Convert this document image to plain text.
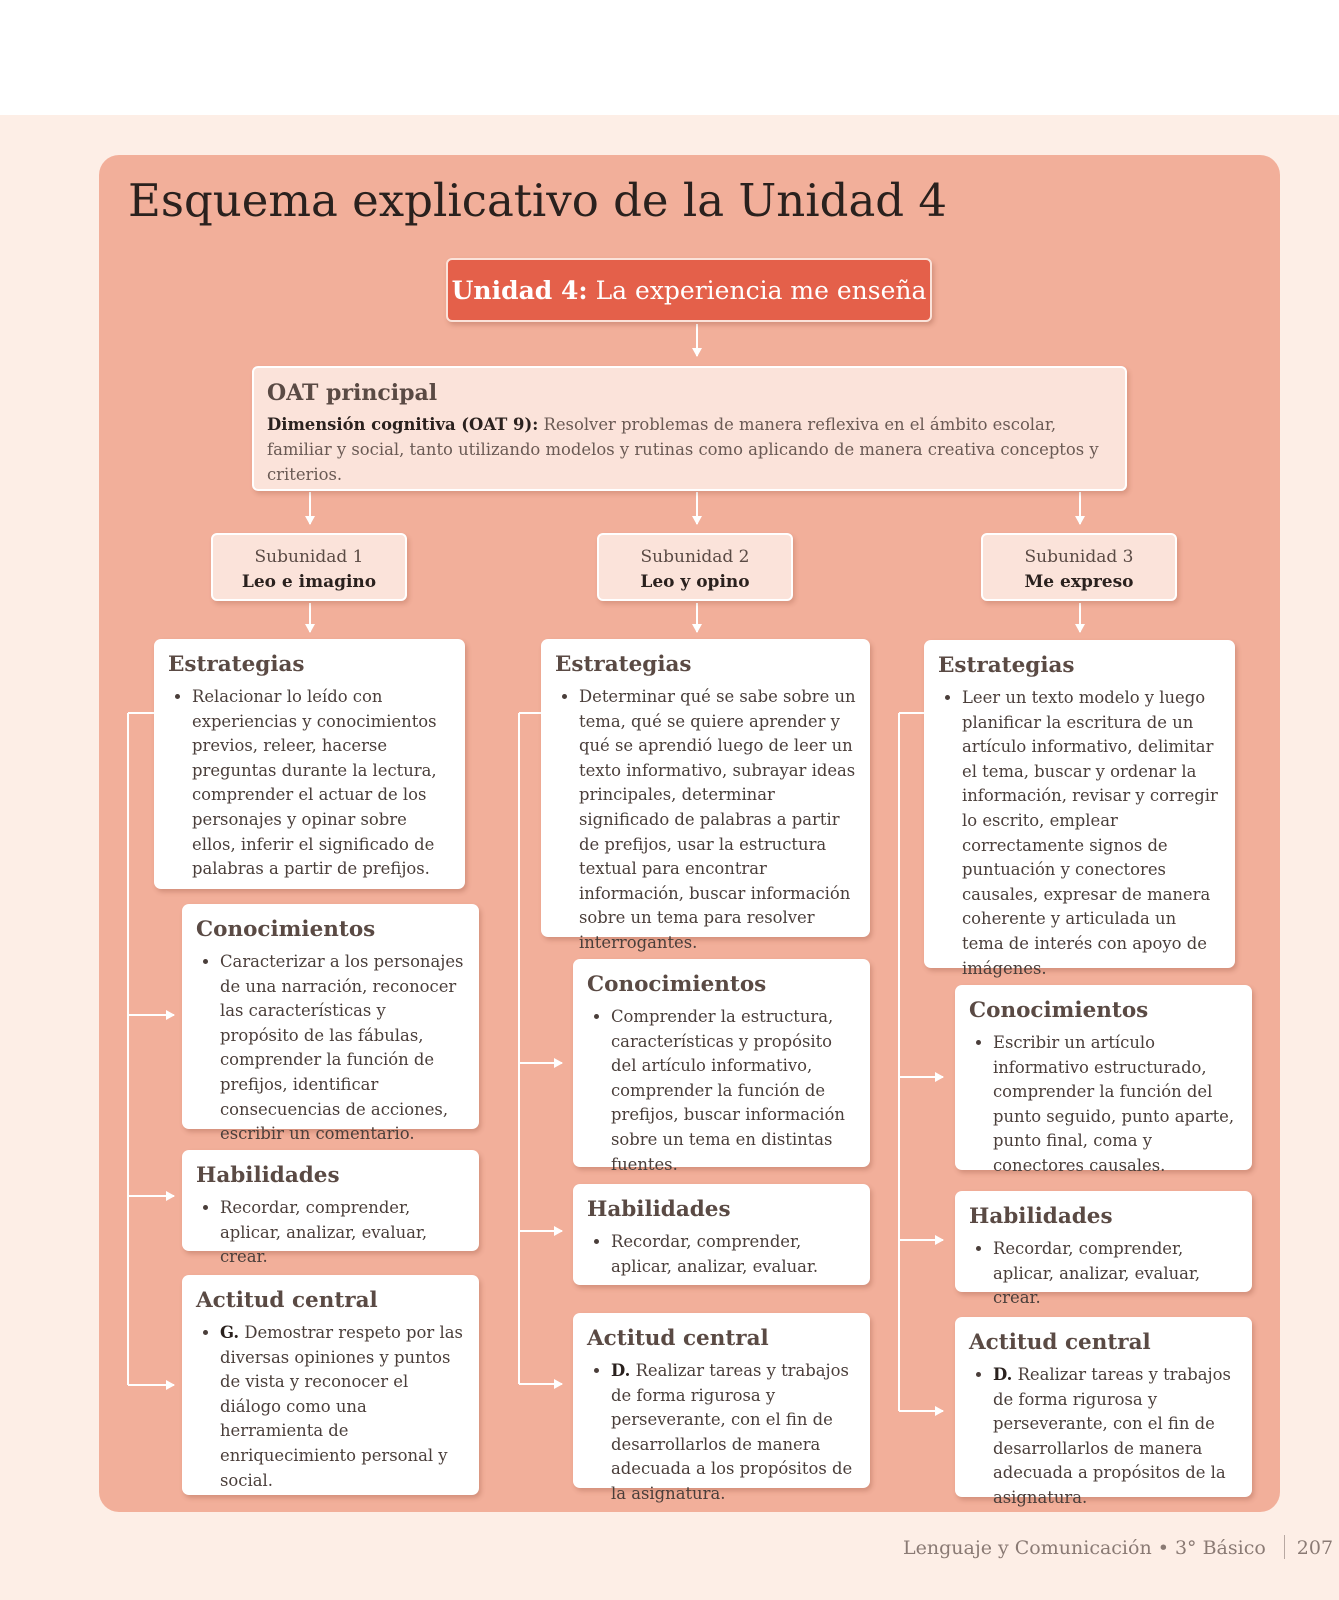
Esquema explicativo de la Unidad 4
Unidad 4: La experiencia me enseña
OAT principal

Dimensión cognitiva (OAT 9): Resolver problemas de manera reflexiva en el ámbito escolar, familiar y social, tanto utilizando modelos y rutinas como aplicando de manera creativa conceptos y criterios.

Subunidad 1
Leo e imagino
Subunidad 2
Leo y opino
Subunidad 3
Me expreso
Estrategias
• Relacionar lo leído con experiencias y conocimientos previos, releer, hacerse preguntas durante la lectura, comprender el actuar de los personajes y opinar sobre ellos, inferir el significado de palabras a partir de prefijos.
Conocimientos
• Caracterizar a los personajes de una narración, reconocer las características y propósito de las fábulas, comprender la función de prefijos, identificar consecuencias de acciones, escribir un comentario.
Habilidades
• Recordar, comprender, aplicar, analizar, evaluar, crear.
Actitud central
• G. Demostrar respeto por las diversas opiniones y puntos de vista y reconocer el diálogo como una herramienta de enriquecimiento personal y social.
Estrategias
• Determinar qué se sabe sobre un tema, qué se quiere aprender y qué se aprendió luego de leer un texto informativo, subrayar ideas principales, determinar significado de palabras a partir de prefijos, usar la estructura textual para encontrar información, buscar información sobre un tema para resolver interrogantes.
Conocimientos
• Comprender la estructura, características y propósito del artículo informativo, comprender la función de prefijos, buscar información sobre un tema en distintas fuentes.
Habilidades
• Recordar, comprender, aplicar, analizar, evaluar.
Actitud central
• D. Realizar tareas y trabajos de forma rigurosa y perseverante, con el fin de desarrollarlos de manera adecuada a los propósitos de la asignatura.
Estrategias
• Leer un texto modelo y luego planificar la escritura de un artículo informativo, delimitar el tema, buscar y ordenar la información, revisar y corregir lo escrito, emplear correctamente signos de puntuación y conectores causales, expresar de manera coherente y articulada un tema de interés con apoyo de imágenes.
Conocimientos
• Escribir un artículo informativo estructurado, comprender la función del punto seguido, punto aparte, punto final, coma y conectores causales.
Habilidades
• Recordar, comprender, aplicar, analizar, evaluar, crear.
Actitud central
• D. Realizar tareas y trabajos de forma rigurosa y perseverante, con el fin de desarrollarlos de manera adecuada a propósitos de la asignatura.
Lenguaje y Comunicación • 3° Básico 207
